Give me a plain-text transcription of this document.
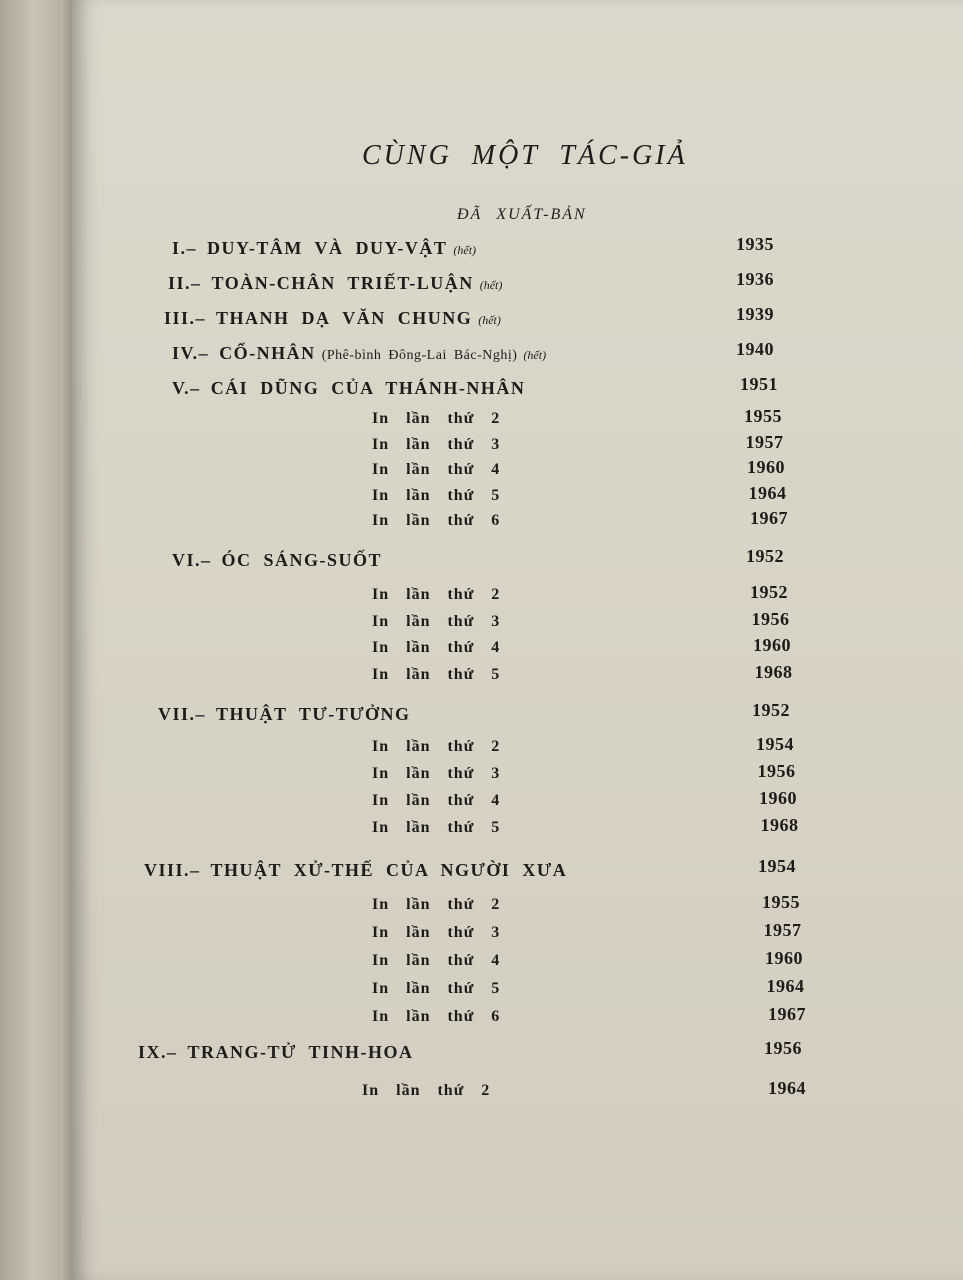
CÙNG MỘT TÁC-GIẢ
ĐÃ XUẤT-BẢN
I.– DUY-TÂM VÀ DUY-VẬT (hết)	1935
II.– TOÀN-CHÂN TRIẾT-LUẬN (hết)	1936
III.– THANH DẠ VĂN CHUNG (hết)	1939
IV.– CỔ-NHÂN (Phê-bình Đông-Lai Bác-Nghị) (hết)	1940
V.– CÁI DŨNG CỦA THÁNH-NHÂN	1951
In lần thứ 2	1955
In lần thứ 3	1957
In lần thứ 4	1960
In lần thứ 5	1964
In lần thứ 6	1967
VI.– ÓC SÁNG-SUỐT	1952
In lần thứ 2	1952
In lần thứ 3	1956
In lần thứ 4	1960
In lần thứ 5	1968
VII.– THUẬT TƯ-TƯỞNG	1952
In lần thứ 2	1954
In lần thứ 3	1956
In lần thứ 4	1960
In lần thứ 5	1968
VIII.– THUẬT XỬ-THẾ CỦA NGƯỜI XƯA	1954
In lần thứ 2	1955
In lần thứ 3	1957
In lần thứ 4	1960
In lần thứ 5	1964
In lần thứ 6	1967
IX.– TRANG-TỬ TINH-HOA	1956
In lần thứ 2	1964
